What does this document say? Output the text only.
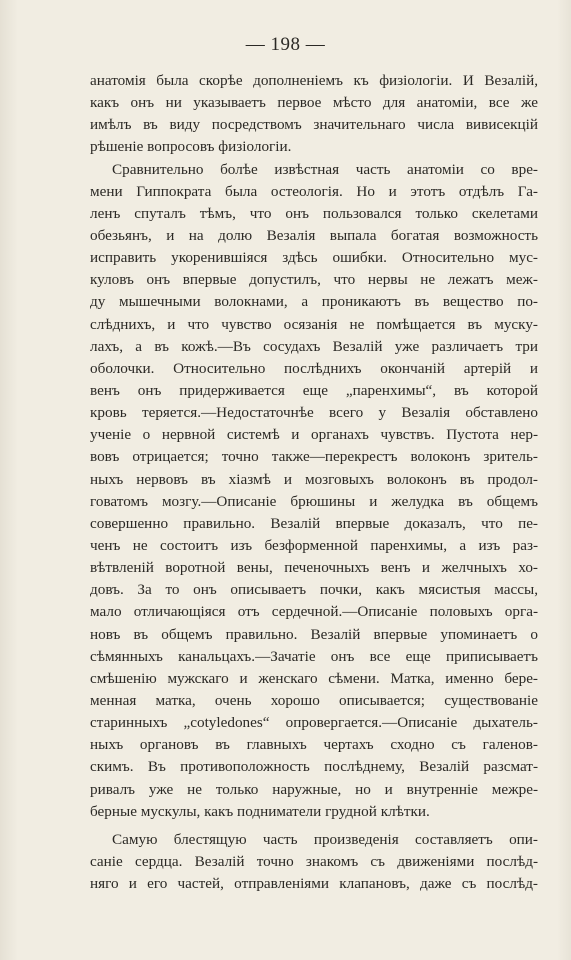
— 198 —
анатомія была скорѣе дополненіемъ къ физіологіи. И Везалій,
какъ онъ ни указываетъ первое мѣсто для анатоміи, все же
имѣлъ въ виду посредствомъ значительнаго числа вивисекцій
рѣшеніе вопросовъ физіологіи.
Сравнительно болѣе извѣстная часть анатоміи со вре-
мени Гиппократа была остеологія. Но и этотъ отдѣлъ Га-
ленъ спуталъ тѣмъ, что онъ пользовался только скелетами
обезьянъ, и на долю Везалія выпала богатая возможность
исправить укоренившіяся здѣсь ошибки. Относительно мус-
куловъ онъ впервые допустилъ, что нервы не лежатъ меж-
ду мышечными волокнами, а проникаютъ въ вещество по-
слѣднихъ, и что чувство осязанія не помѣщается въ муску-
лахъ, а въ кожѣ.—Въ сосудахъ Везалій уже различаетъ три
оболочки. Относительно послѣднихъ окончаній артерій и
венъ онъ придерживается еще „паренхимы“, въ которой
кровь теряется.—Недостаточнѣе всего у Везалія обставлено
ученіе о нервной системѣ и органахъ чувствъ. Пустота нер-
вовъ отрицается; точно также—перекрестъ волоконъ зритель-
ныхъ нервовъ въ хіазмѣ и мозговыхъ волоконъ въ продол-
говатомъ мозгу.—Описаніе брюшины и желудка въ общемъ
совершенно правильно. Везалій впервые доказалъ, что пе-
ченъ не состоитъ изъ безформенной паренхимы, а изъ раз-
вѣтвленій воротной вены, печеночныхъ венъ и желчныхъ хо-
довъ. За то онъ описываетъ почки, какъ мясистыя массы,
мало отличающіяся отъ сердечной.—Описаніе половыхъ орга-
новъ въ общемъ правильно. Везалій впервые упоминаетъ о
сѣмянныхъ канальцахъ.—Зачатіе онъ все еще приписываетъ
смѣшенію мужскаго и женскаго сѣмени. Матка, именно бере-
менная матка, очень хорошо описывается; существованіе
старинныхъ „cotyledones“ опровергается.—Описаніе дыхатель-
ныхъ органовъ въ главныхъ чертахъ сходно съ галенов-
скимъ. Въ противоположность послѣднему, Везалій разсмат-
ривалъ уже не только наружные, но и внутренніе межре-
берные мускулы, какъ подниматели грудной клѣтки.
Самую блестящую часть произведенія составляетъ опи-
саніе сердца. Везалій точно знакомъ съ движеніями послѣд-
няго и его частей, отправленіями клапановъ, даже съ послѣд-
